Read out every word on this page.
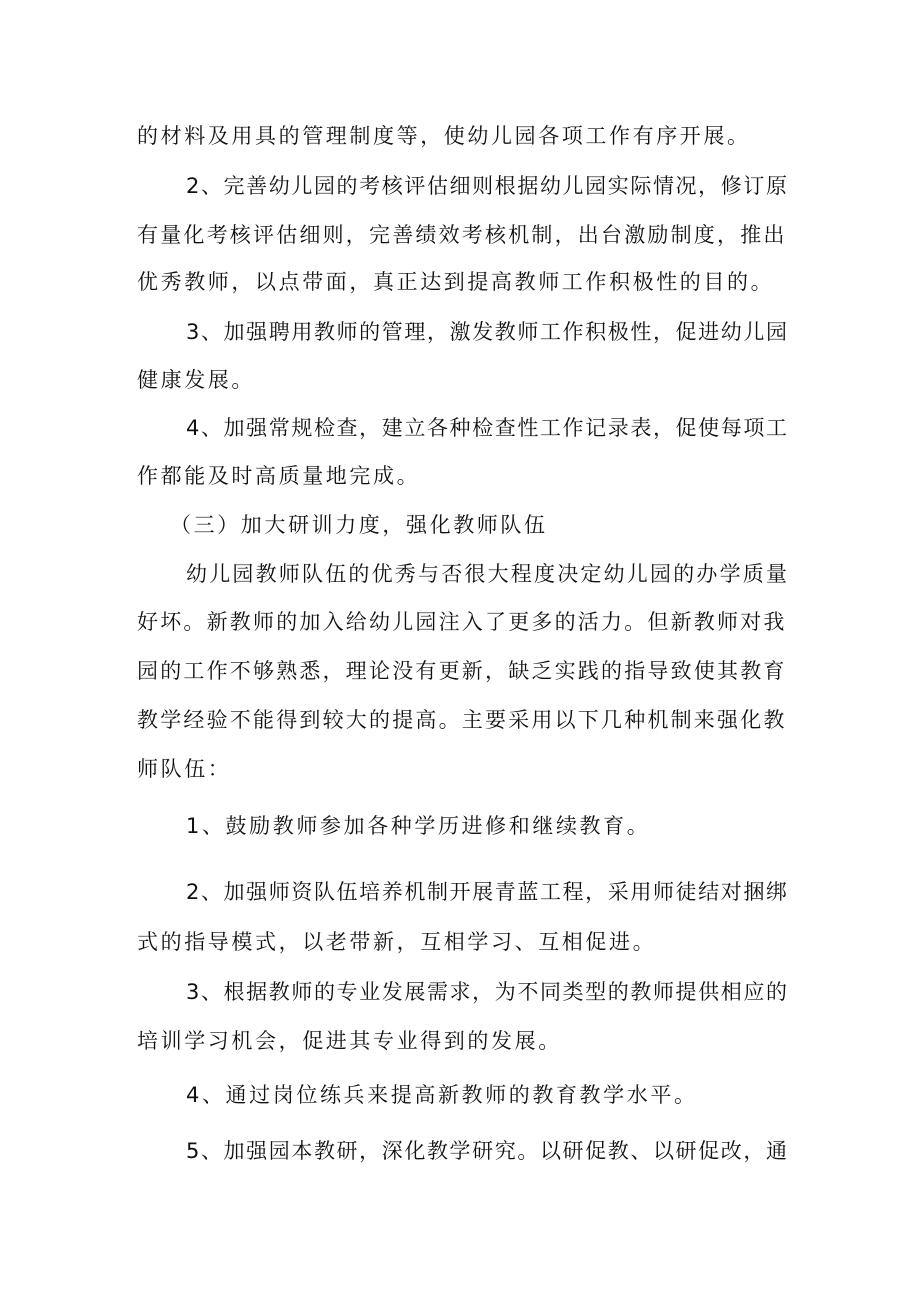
的材料及用具的管理制度等，使幼儿园各项工作有序开展。
2、完善幼儿园的考核评估细则根据幼儿园实际情况，修订原
有量化考核评估细则，完善绩效考核机制，出台激励制度，推出
优秀教师，以点带面，真正达到提高教师工作积极性的目的。
3、加强聘用教师的管理，激发教师工作积极性，促进幼儿园
健康发展。
4、加强常规检查，建立各种检查性工作记录表，促使每项工
作都能及时高质量地完成。
（三）加大研训力度，强化教师队伍
幼儿园教师队伍的优秀与否很大程度决定幼儿园的办学质量
好坏。新教师的加入给幼儿园注入了更多的活力。但新教师对我
园的工作不够熟悉，理论没有更新，缺乏实践的指导致使其教育
教学经验不能得到较大的提高。主要采用以下几种机制来强化教
师队伍：
1、鼓励教师参加各种学历进修和继续教育。
2、加强师资队伍培养机制开展青蓝工程，采用师徒结对捆绑
式的指导模式，以老带新，互相学习、互相促进。
3、根据教师的专业发展需求，为不同类型的教师提供相应的
培训学习机会，促进其专业得到的发展。
4、通过岗位练兵来提高新教师的教育教学水平。
5、加强园本教研，深化教学研究。以研促教、以研促改，通
